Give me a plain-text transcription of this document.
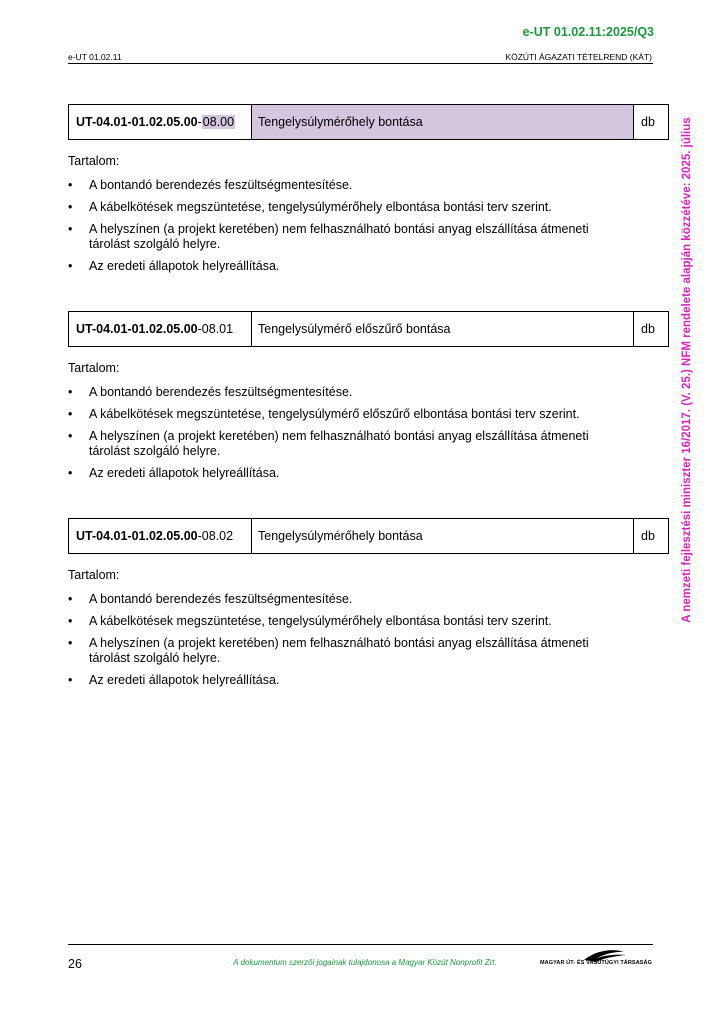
e-UT 01.02.11:2025/Q3
e-UT 01.02.11	KÖZÚTI ÁGAZATI TÉTELREND (KÁT)
UT-04.01-01.02.05.00 - 08.00	Tengelysúlymérőhely bontása	db
Tartalom:
• A bontandó berendezés feszültségmentesítése.
• A kábelkötések megszüntetése, tengelysúlymérőhely elbontása bontási terv szerint.
• A helyszínen (a projekt keretében) nem felhasználható bontási anyag elszállítása átmeneti tárolást szolgáló helyre.
• Az eredeti állapotok helyreállítása.
UT-04.01-01.02.05.00 - 08.01	Tengelysúlymérő előszűrő bontása	db
Tartalom:
• A bontandó berendezés feszültségmentesítése.
• A kábelkötések megszüntetése, tengelysúlymérő előszűrő elbontása bontási terv szerint.
• A helyszínen (a projekt keretében) nem felhasználható bontási anyag elszállítása átmeneti tárolást szolgáló helyre.
• Az eredeti állapotok helyreállítása.
UT-04.01-01.02.05.00 - 08.02	Tengelysúlymérőhely bontása	db
Tartalom:
• A bontandó berendezés feszültségmentesítése.
• A kábelkötések megszüntetése, tengelysúlymérőhely elbontása bontási terv szerint.
• A helyszínen (a projekt keretében) nem felhasználható bontási anyag elszállítása átmeneti tárolást szolgáló helyre.
• Az eredeti állapotok helyreállítása.
A nemzeti fejlesztési miniszter 16/2017. (V. 25.) NFM rendelete alapján közzétéve: 2025. július
26	A dokumentum szerzői jogainak tulajdonosa a Magyar Közút Nonprofit Zrt.	MAGYAR ÚT- ÉS VASÚTÜGYI TÁRSASÁG
